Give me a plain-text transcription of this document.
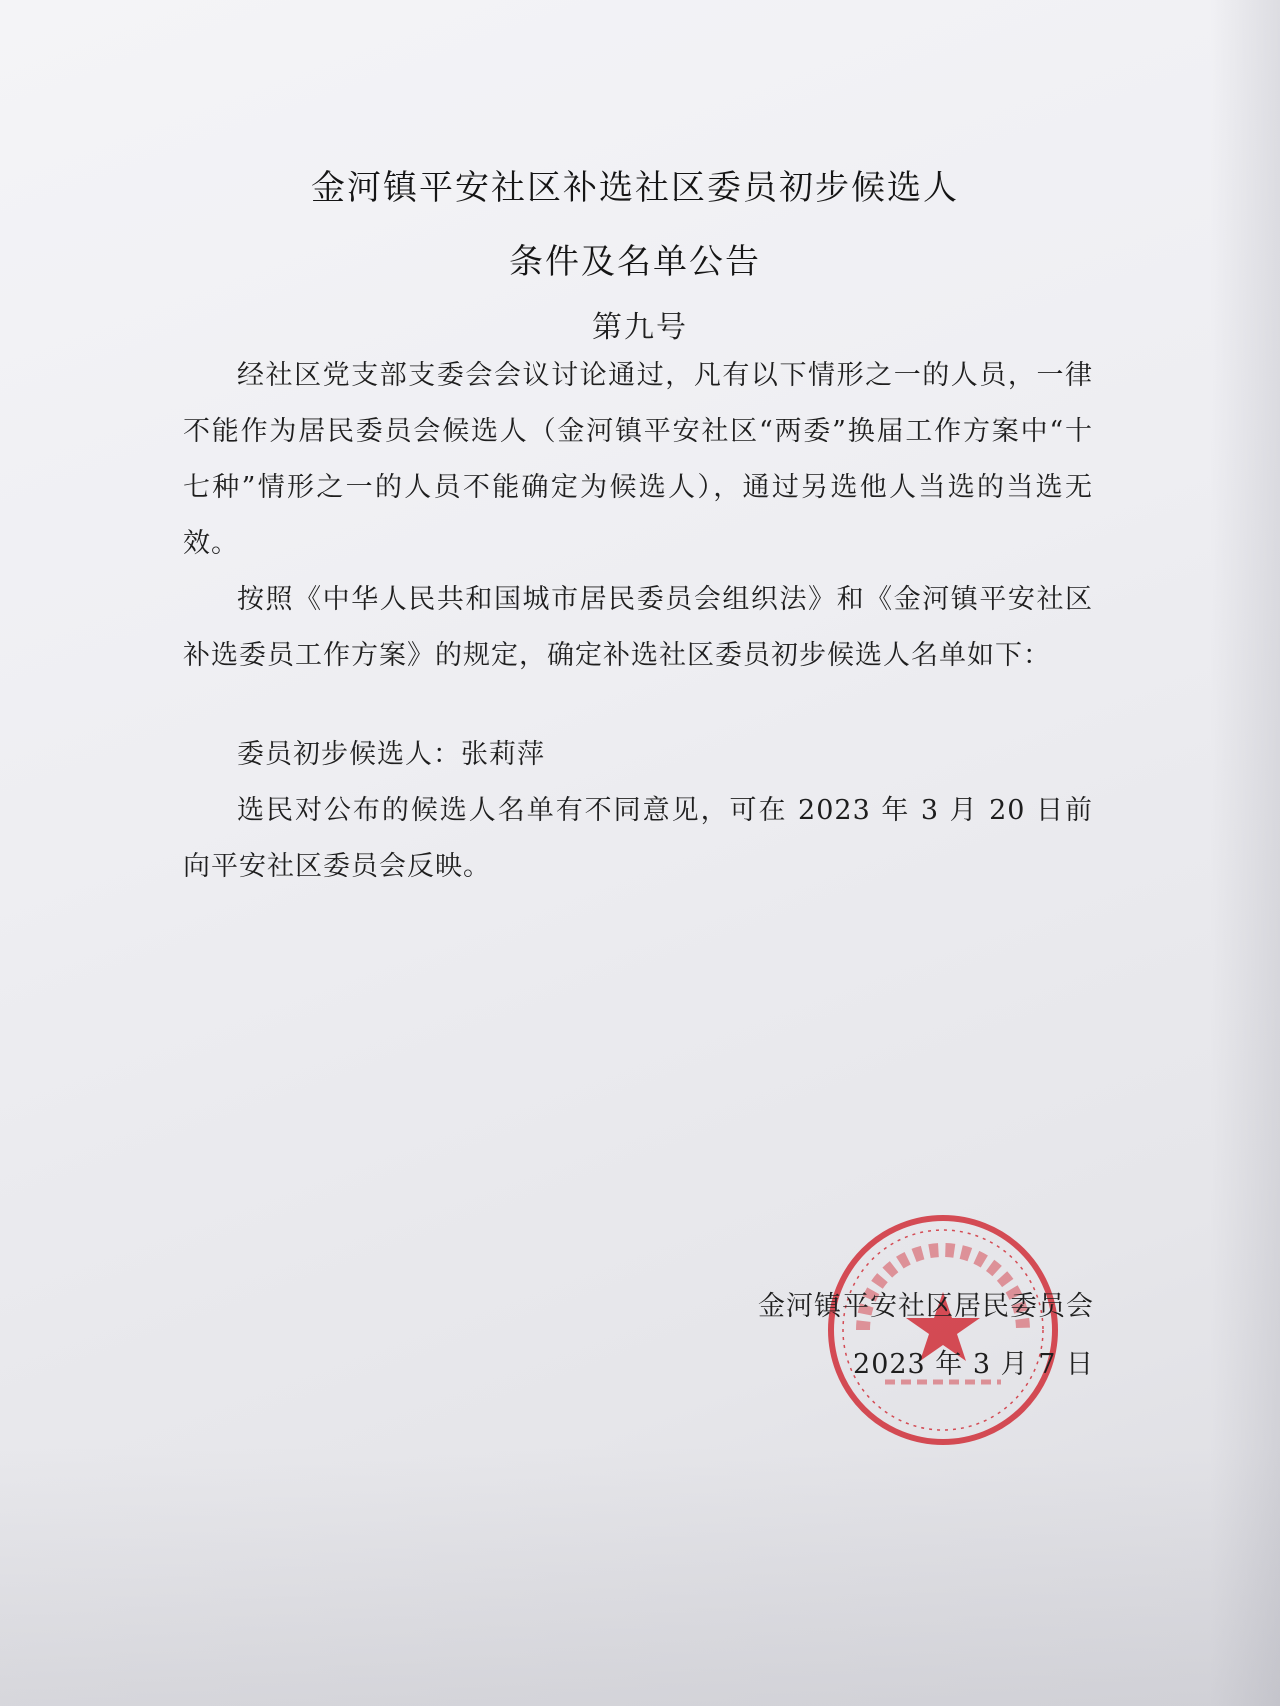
金河镇平安社区补选社区委员初步候选人
条件及名单公告
第九号

经社区党支部支委会会议讨论通过，凡有以下情形之一的人员，一律不能作为居民委员会候选人（金河镇平安社区“两委”换届工作方案中“十七种”情形之一的人员不能确定为候选人），通过另选他人当选的当选无效。

按照《中华人民共和国城市居民委员会组织法》和《金河镇平安社区补选委员工作方案》的规定，确定补选社区委员初步候选人名单如下：

委员初步候选人：张莉萍

选民对公布的候选人名单有不同意见，可在 2023 年 3 月 20 日前向平安社区委员会反映。

金河镇平安社区居民委员会
2023 年 3 月 7 日
